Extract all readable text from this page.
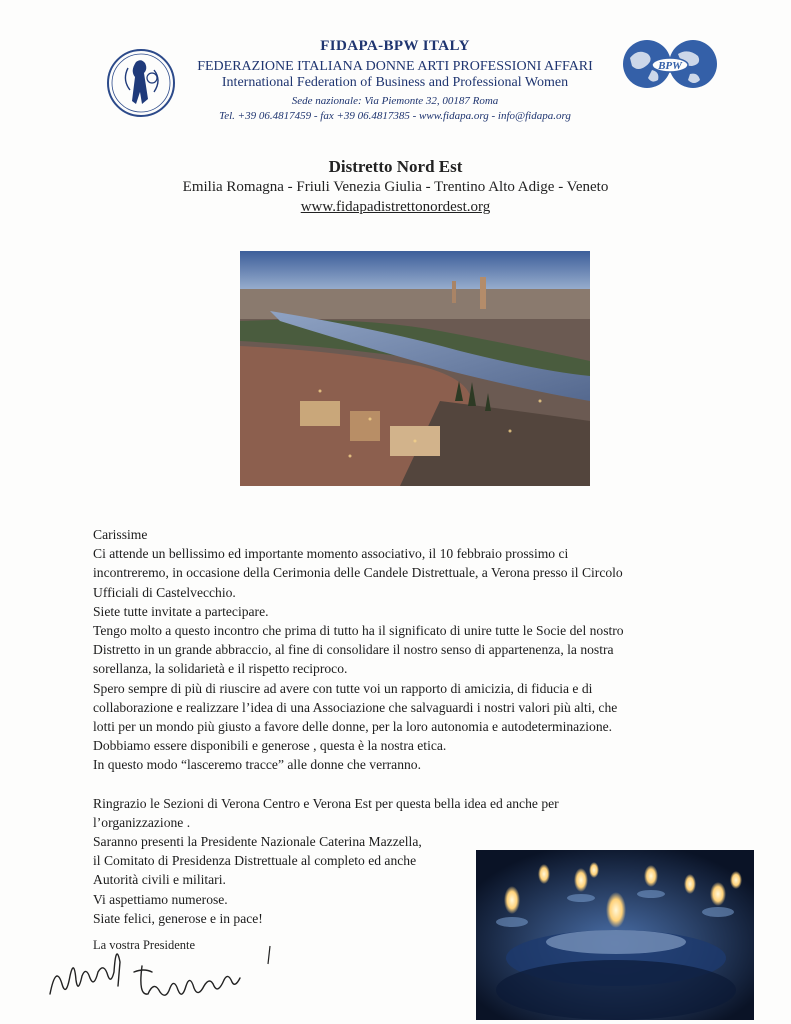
BPW
FIDAPA-BPW ITALY
FEDERAZIONE ITALIANA DONNE ARTI PROFESSIONI AFFARI
International Federation of Business and Professional Women
Sede nazionale: Via Piemonte 32, 00187 Roma
Tel. +39 06.4817459 - fax +39 06.4817385 - www.fidapa.org - info@fidapa.org
Distretto Nord Est
Emilia Romagna - Friuli Venezia Giulia - Trentino Alto Adige - Veneto
www.fidapadistrettonordest.org

Carissime

Ci attende un bellissimo ed importante momento associativo, il 10 febbraio prossimo ci

incontreremo, in occasione della Cerimonia delle Candele Distrettuale, a Verona presso il Circolo

Ufficiali di Castelvecchio.

Siete tutte invitate a partecipare.

Tengo molto a questo incontro che prima di tutto ha il significato di unire tutte le Socie del nostro

Distretto in un grande abbraccio, al fine di consolidare il nostro senso di appartenenza, la nostra

sorellanza, la solidarietà e il rispetto reciproco.

Spero sempre di più di riuscire ad avere con tutte voi un rapporto di amicizia, di fiducia e di

collaborazione e realizzare l’idea di una Associazione che salvaguardi i nostri valori più alti, che

lotti per un mondo più giusto a favore delle donne, per la loro autonomia e autodeterminazione.

Dobbiamo essere disponibili e generose , questa è la nostra etica.

In questo modo “lasceremo tracce” alle donne che verranno.

Ringrazio le Sezioni di Verona Centro e Verona Est per questa bella idea ed anche per

l’organizzazione .

Saranno presenti la Presidente Nazionale Caterina Mazzella,

il Comitato di Presidenza Distrettuale al completo ed anche

Autorità civili e militari.

Vi aspettiamo numerose.

Siate felici, generose e in pace!

La vostra Presidente
